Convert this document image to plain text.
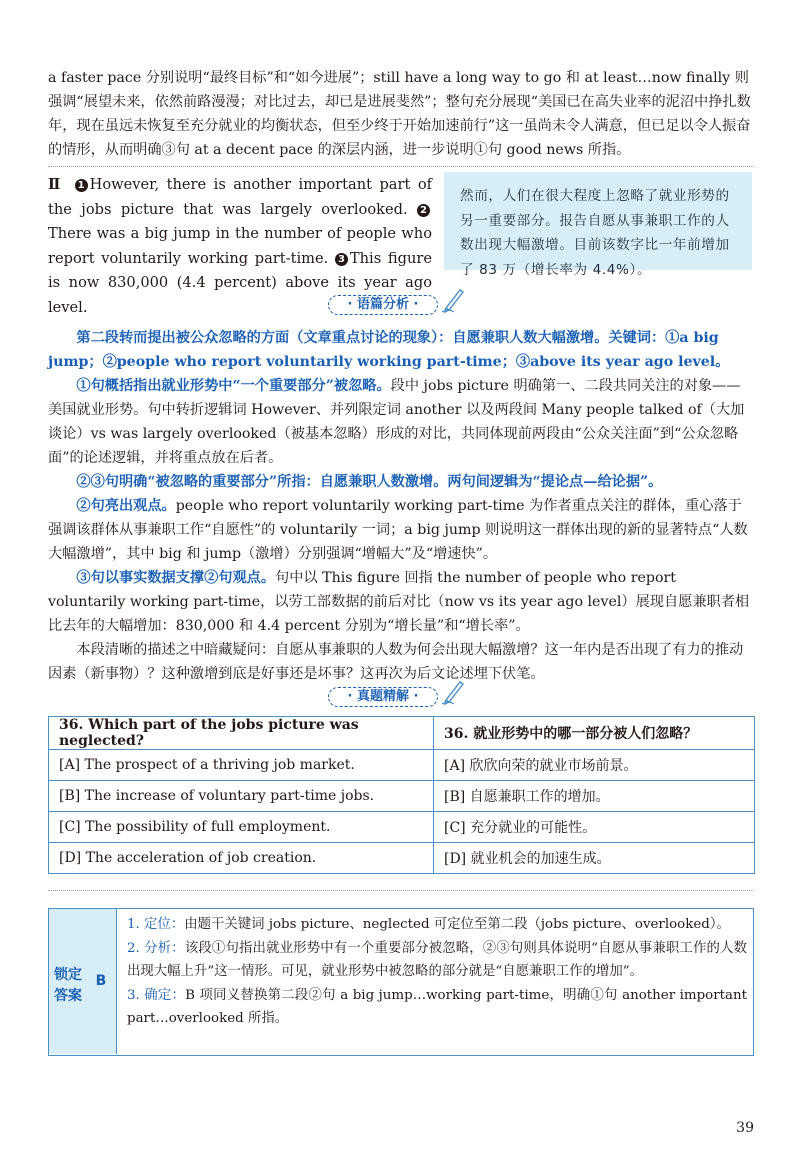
a faster pace 分别说明“最终目标”和“如今进展”；still have a long way to go 和 at least…now finally 则强调“展望未来，依然前路漫漫；对比过去，却已是进展斐然”；整句充分展现“美国已在高失业率的泥沼中挣扎数年，现在虽远未恢复至充分就业的均衡状态，但至少终于开始加速前行”这一虽尚未令人满意，但已足以令人振奋的情形，从而明确③句 at a decent pace 的深层内涵，进一步说明①句 good news 所指。
Ⅱ 1 However, there is another important part of the jobs picture that was largely overlooked. 2There was a big jump in the number of people who report voluntarily working part-time. 3 This figure is now 830,000 (4.4 percent) above its year ago level.
然而，人们在很大程度上忽略了就业形势的另一重要部分。报告自愿从事兼职工作的人数出现大幅激增。目前该数字比一年前增加了 83 万（增长率为 4.4%）。
· 语篇分析 ·
第二段转而提出被公众忽略的方面（文章重点讨论的现象）：自愿兼职人数大幅激增。关键词：①a big jump；②people who report voluntarily working part-time；③above its year ago level。
①句概括指出就业形势中“一个重要部分”被忽略。段中 jobs picture 明确第一、二段共同关注的对象——美国就业形势。句中转折逻辑词 However、并列限定词 another 以及两段间 Many people talked of（大加谈论）vs was largely overlooked（被基本忽略）形成的对比，共同体现前两段由“公众关注面”到“公众忽略面”的论述逻辑，并将重点放在后者。
②③句明确“被忽略的重要部分”所指：自愿兼职人数激增。两句间逻辑为“提论点—给论据”。
②句亮出观点。people who report voluntarily working part-time 为作者重点关注的群体，重心落于强调该群体从事兼职工作“自愿性”的 voluntarily 一词；a big jump 则说明这一群体出现的新的显著特点“人数大幅激增”，其中 big 和 jump（激增）分别强调“增幅大”及“增速快”。
③句以事实数据支撑②句观点。句中以 This figure 回指 the number of people who report voluntarily working part-time，以劳工部数据的前后对比（now vs its year ago level）展现自愿兼职者相比去年的大幅增加：830,000 和 4.4 percent 分别为“增长量”和“增长率”。
本段清晰的描述之中暗藏疑问：自愿从事兼职的人数为何会出现大幅激增？这一年内是否出现了有力的推动因素（新事物）？这种激增到底是好事还是坏事？这再次为后文论述埋下伏笔。
· 真题精解 ·
36. Which part of the jobs picture was neglected?	36. 就业形势中的哪一部分被人们忽略？
[A] The prospect of a thriving job market.	[A] 欣欣向荣的就业市场前景。
[B] The increase of voluntary part-time jobs.	[B] 自愿兼职工作的增加。
[C] The possibility of full employment.	[C] 充分就业的可能性。
[D] The acceleration of job creation.	[D] 就业机会的加速生成。
锁定答案
B
1. 定位：由题干关键词 jobs picture、neglected 可定位至第二段（jobs picture、overlooked）。
2. 分析：该段①句指出就业形势中有一个重要部分被忽略，②③句则具体说明“自愿从事兼职工作的人数出现大幅上升”这一情形。可见，就业形势中被忽略的部分就是“自愿兼职工作的增加”。
3. 确定：B 项同义替换第二段②句 a big jump…working part-time，明确①句 another important part…overlooked 所指。
39
